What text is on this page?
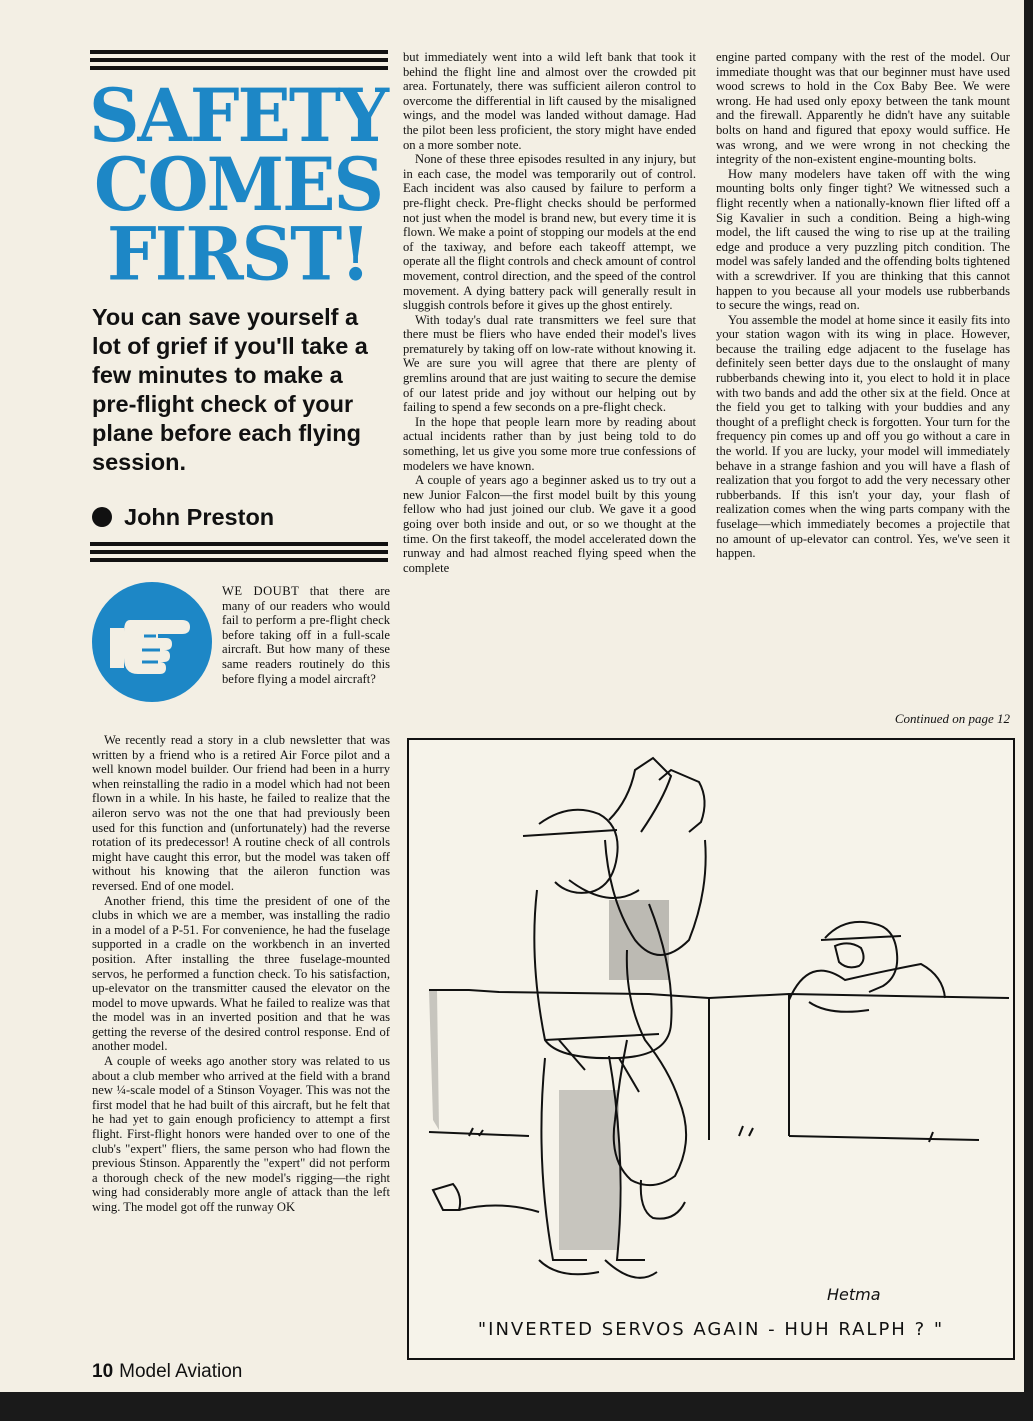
SAFETY
COMES
FIRST!
You can save yourself a lot of grief if you'll take a few minutes to make a pre-flight check of your plane before each flying session.
John Preston

WE DOUBT that there are many of our readers who would fail to perform a pre-flight check before taking off in a full-scale aircraft. But how many of these same readers routinely do this before flying a model aircraft?

We recently read a story in a club newsletter that was written by a friend who is a retired Air Force pilot and a well known model builder. Our friend had been in a hurry when reinstalling the radio in a model which had not been flown in a while. In his haste, he failed to realize that the aileron servo was not the one that had previously been used for this function and (unfortunately) had the reverse rotation of its predecessor! A routine check of all controls might have caught this error, but the model was taken off without his knowing that the aileron function was reversed. End of one model.

Another friend, this time the president of one of the clubs in which we are a member, was installing the radio in a model of a P-51. For convenience, he had the fuselage supported in a cradle on the workbench in an inverted position. After installing the three fuselage-mounted servos, he performed a function check. To his satisfaction, up-elevator on the transmitter caused the elevator on the model to move upwards. What he failed to realize was that the model was in an inverted position and that he was getting the reverse of the desired control response. End of another model.

A couple of weeks ago another story was related to us about a club member who arrived at the field with a brand new ¼-scale model of a Stinson Voyager. This was not the first model that he had built of this aircraft, but he felt that he had yet to gain enough proficiency to attempt a first flight. First-flight honors were handed over to one of the club's "expert" fliers, the same person who had flown the previous Stinson. Apparently the "expert" did not perform a thorough check of the new model's rigging—the right wing had considerably more angle of attack than the left wing. The model got off the runway OK

but immediately went into a wild left bank that took it behind the flight line and almost over the crowded pit area. Fortunately, there was sufficient aileron control to overcome the differential in lift caused by the misaligned wings, and the model was landed without damage. Had the pilot been less proficient, the story might have ended on a more somber note.

None of these three episodes resulted in any injury, but in each case, the model was temporarily out of control. Each incident was also caused by failure to perform a pre-flight check. Pre-flight checks should be performed not just when the model is brand new, but every time it is flown. We make a point of stopping our models at the end of the taxiway, and before each takeoff attempt, we operate all the flight controls and check amount of control movement, control direction, and the speed of the control movement. A dying battery pack will generally result in sluggish controls before it gives up the ghost entirely.

With today's dual rate transmitters we feel sure that there must be fliers who have ended their model's lives prematurely by taking off on low-rate without knowing it. We are sure you will agree that there are plenty of gremlins around that are just waiting to secure the demise of our latest pride and joy without our helping out by failing to spend a few seconds on a pre-flight check.

In the hope that people learn more by reading about actual incidents rather than by just being told to do something, let us give you some more true confessions of modelers we have known.

A couple of years ago a beginner asked us to try out a new Junior Falcon—the first model built by this young fellow who had just joined our club. We gave it a good going over both inside and out, or so we thought at the time. On the first takeoff, the model accelerated down the runway and had almost reached flying speed when the complete

engine parted company with the rest of the model. Our immediate thought was that our beginner must have used wood screws to hold in the Cox Baby Bee. We were wrong. He had used only epoxy between the tank mount and the firewall. Apparently he didn't have any suitable bolts on hand and figured that epoxy would suffice. He was wrong, and we were wrong in not checking the integrity of the non-existent engine-mounting bolts.

How many modelers have taken off with the wing mounting bolts only finger tight? We witnessed such a flight recently when a nationally-known flier lifted off a Sig Kavalier in such a condition. Being a high-wing model, the lift caused the wing to rise up at the trailing edge and produce a very puzzling pitch condition. The model was safely landed and the offending bolts tightened with a screwdriver. If you are thinking that this cannot happen to you because all your models use rubberbands to secure the wings, read on.

You assemble the model at home since it easily fits into your station wagon with its wing in place. However, because the trailing edge adjacent to the fuselage has definitely seen better days due to the onslaught of many rubberbands chewing into it, you elect to hold it in place with two bands and add the other six at the field. Once at the field you get to talking with your buddies and any thought of a preflight check is forgotten. Your turn for the frequency pin comes up and off you go without a care in the world. If you are lucky, your model will immediately behave in a strange fashion and you will have a flash of realization that you forgot to add the very necessary other rubberbands. If this isn't your day, your flash of realization comes when the wing parts company with the fuselage—which immediately becomes a projectile that no amount of up-elevator can control. Yes, we've seen it happen.

Continued on page 12
Hetma
"INVERTED SERVOS AGAIN - HUH RALPH ? "
10 Model Aviation
